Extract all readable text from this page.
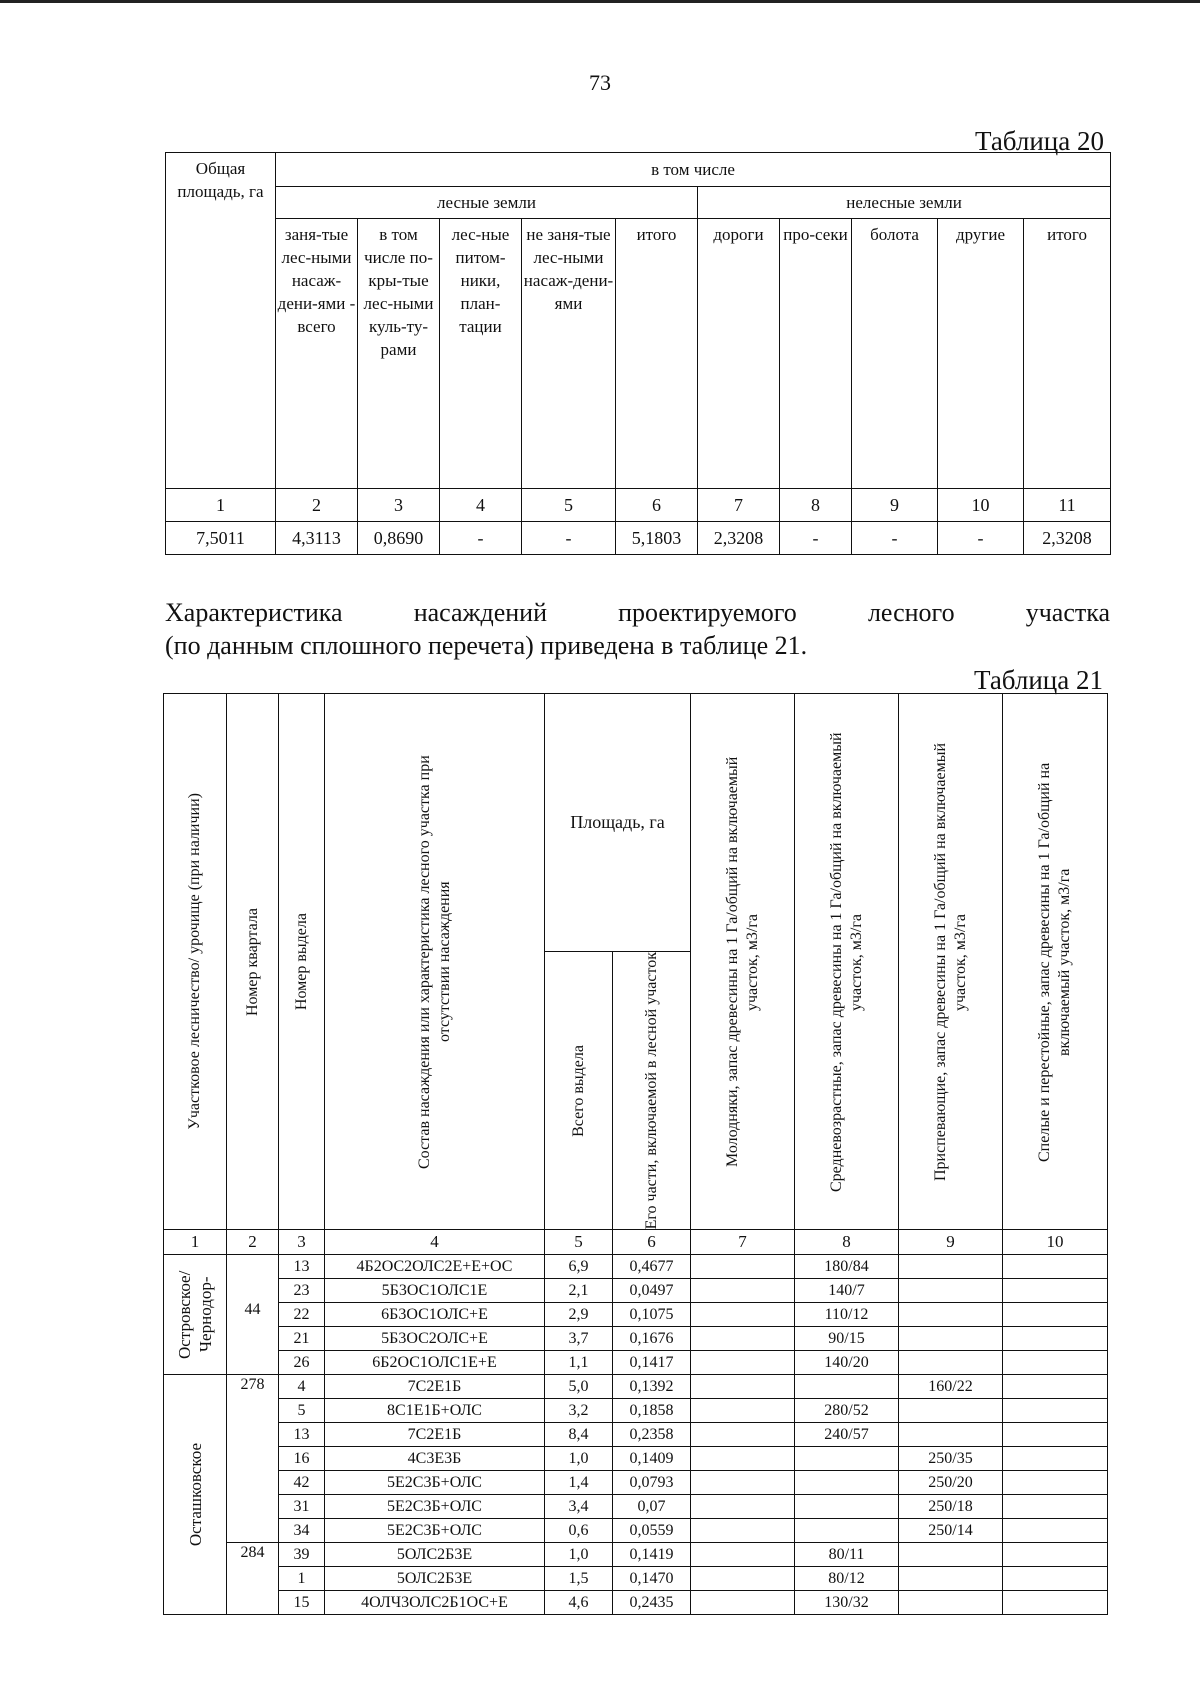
73
Таблица 20
Общая площадь, га	в том числе									
	лесные земли					нелесные земли				
	заня-тые лес-ными насаж-дени-ями - всего	в том числе по-кры-тые лес-ными куль-ту-рами	лес-ные питом-ники, план-тации	не заня-тые лес-ными насаж-дени-ями	итого	дороги	про-секи	болота	другие	итого
1	2	3	4	5	6	7	8	9	10	11
7,5011	4,3113	0,8690	-	-	5,1803	2,3208	-	-	-	2,3208
Характеристика	насаждений	проектируемого	лесного	участка
(по данным сплошного перечета) приведена в таблице 21.
Таблица 21
Участковое лесничество/ урочище (при наличии)	Номер квартала	Номер выдела	Состав насаждения или характеристика лесного участка при отсутствии насаждения	Площадь, га		Молодняки, запас древесины на 1 Га/общий на включаемый участок, м3/га	Средневозрастные, запас древесины на 1 Га/общий на включаемый участок, м3/га	Приспевающие, запас древесины на 1 Га/общий на включаемый участок, м3/га	Спелые и перестойные, запас древесины на 1 Га/общий на включаемый участок, м3/га

				Всего выдела	Его части, включаемой в лесной участок				

1	2	3	4	5	6	7	8	9	10

Островское/ Чернодор-	44	13	4Б2ОС2ОЛС2Е+Е+ОС	6,9	0,4677		180/84		
		23	5Б3ОС1ОЛС1Е	2,1	0,0497		140/7		
		22	6Б3ОС1ОЛС+Е	2,9	0,1075		110/12		
		21	5Б3ОС2ОЛС+Е	3,7	0,1676		90/15		
		26	6Б2ОС1ОЛС1Е+Е	1,1	0,1417		140/20		

Осташковское	278	4	7С2Е1Б	5,0	0,1392			160/22	
		5	8С1Е1Б+ОЛС	3,2	0,1858		280/52		
		13	7С2Е1Б	8,4	0,2358		240/57		
		16	4С3Е3Б	1,0	0,1409			250/35	
		42	5Е2С3Б+ОЛС	1,4	0,0793			250/20	
		31	5Е2С3Б+ОЛС	3,4	0,07			250/18	
		34	5Е2С3Б+ОЛС	0,6	0,0559			250/14	

	284	39	5ОЛС2Б3Е	1,0	0,1419		80/11		
		1	5ОЛС2Б3Е	1,5	0,1470		80/12		
		15	4ОЛЧ3ОЛС2Б1ОС+Е	4,6	0,2435		130/32		
